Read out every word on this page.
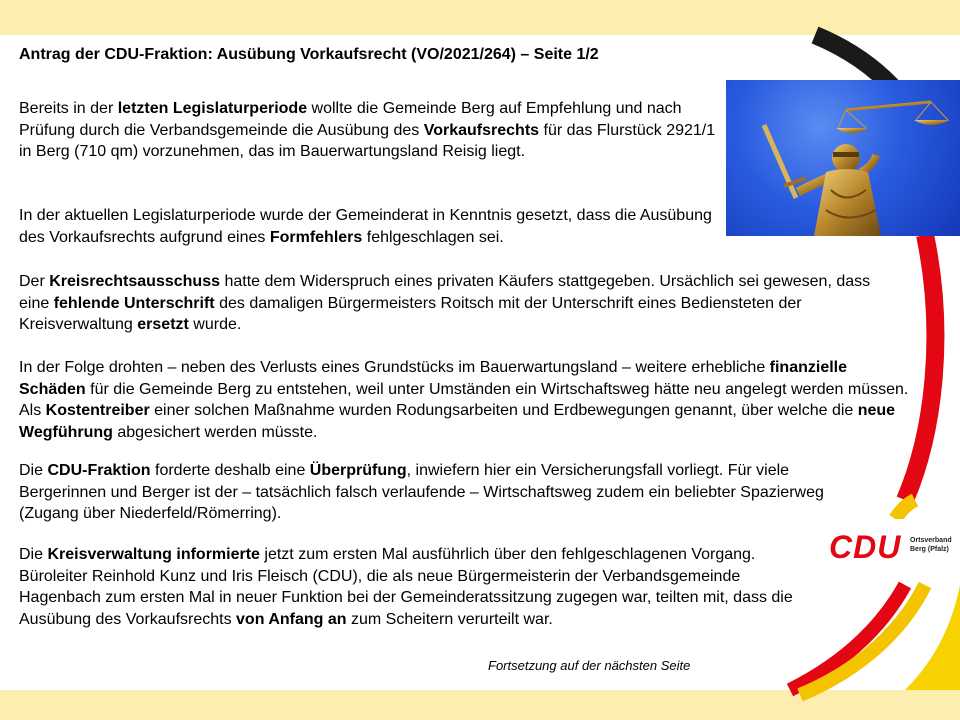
Antrag der CDU-Fraktion: Ausübung Vorkaufsrecht (VO/2021/264) – Seite 1/2

Bereits in der letzten Legislaturperiode wollte die Gemeinde Berg auf Empfehlung und nach Prüfung durch die Verbandsgemeinde die Ausübung des Vorkaufsrechts für das Flurstück 2921/1 in Berg (710 qm) vorzunehmen, das im Bauerwartungsland Reisig liegt.

In der aktuellen Legislaturperiode wurde der Gemeinderat in Kenntnis gesetzt, dass die Ausübung des Vorkaufsrechts aufgrund eines Formfehlers fehlgeschlagen sei.

Der Kreisrechtsausschuss hatte dem Widerspruch eines privaten Käufers stattgegeben. Ursächlich sei gewesen, dass eine fehlende Unterschrift des damaligen Bürgermeisters Roitsch mit der Unterschrift eines Bediensteten der Kreisverwaltung ersetzt wurde.

In der Folge drohten – neben des Verlusts eines Grundstücks im Bauerwartungsland – weitere erhebliche finanzielle Schäden für die Gemeinde Berg zu entstehen, weil unter Umständen ein Wirtschaftsweg hätte neu angelegt werden müssen. Als Kostentreiber einer solchen Maßnahme wurden Rodungsarbeiten und Erdbewegungen genannt, über welche die neue Wegführung abgesichert werden müsste.

Die CDU-Fraktion forderte deshalb eine Überprüfung, inwiefern hier ein Versicherungsfall vorliegt. Für viele Bergerinnen und Berger ist der – tatsächlich falsch verlaufende – Wirtschaftsweg zudem ein beliebter Spazierweg (Zugang über Niederfeld/Römerring).

Die Kreisverwaltung informierte jetzt zum ersten Mal ausführlich über den fehlgeschlagenen Vorgang. Büroleiter Reinhold Kunz und Iris Fleisch (CDU), die als neue Bürgermeisterin der Verbandsgemeinde Hagenbach zum ersten Mal in neuer Funktion bei der Gemeinderatssitzung zugegen war, teilten mit, dass die Ausübung des Vorkaufsrechts von Anfang an zum Scheitern verurteilt war.

Fortsetzung auf der nächsten Seite
CDU Ortsverband
Berg (Pfalz)
